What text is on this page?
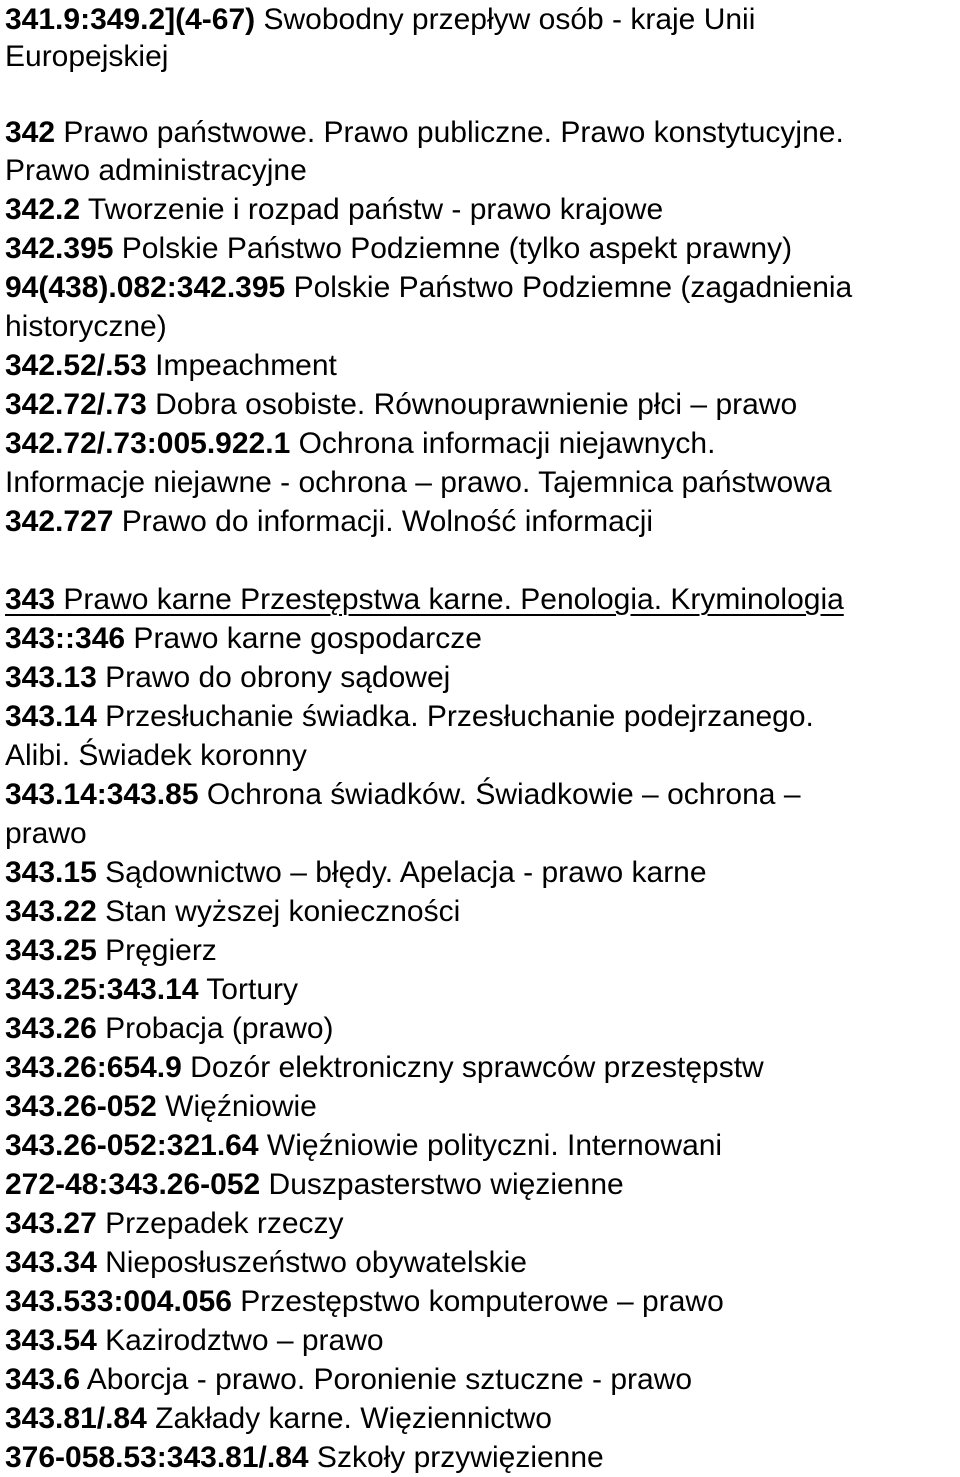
341.9:349.2](4-67) Swobodny przepływ osób - kraje Unii
Europejskiej
342 Prawo państwowe. Prawo publiczne. Prawo konstytucyjne.
Prawo administracyjne
342.2 Tworzenie i rozpad państw - prawo krajowe
342.395 Polskie Państwo Podziemne (tylko aspekt prawny)
94(438).082:342.395 Polskie Państwo Podziemne (zagadnienia
historyczne)
342.52/.53 Impeachment
342.72/.73 Dobra osobiste. Równouprawnienie płci – prawo
342.72/.73:005.922.1 Ochrona informacji niejawnych.
Informacje niejawne - ochrona – prawo. Tajemnica państwowa
342.727 Prawo do informacji. Wolność informacji
343 Prawo karne Przestępstwa karne. Penologia. Kryminologia
343::346 Prawo karne gospodarcze
343.13 Prawo do obrony sądowej
343.14 Przesłuchanie świadka. Przesłuchanie podejrzanego.
Alibi. Świadek koronny
343.14:343.85 Ochrona świadków. Świadkowie – ochrona –
prawo
343.15 Sądownictwo – błędy. Apelacja - prawo karne
343.22 Stan wyższej konieczności
343.25 Pręgierz
343.25:343.14 Tortury
343.26 Probacja (prawo)
343.26:654.9 Dozór elektroniczny sprawców przestępstw
343.26-052 Więźniowie
343.26-052:321.64 Więźniowie polityczni. Internowani
272-48:343.26-052 Duszpasterstwo więzienne
343.27 Przepadek rzeczy
343.34 Nieposłuszeństwo obywatelskie
343.533:004.056 Przestępstwo komputerowe – prawo
343.54 Kazirodztwo – prawo
343.6 Aborcja - prawo. Poronienie sztuczne - prawo
343.81/.84 Zakłady karne. Więziennictwo
376-058.53:343.81/.84 Szkoły przywięzienne
